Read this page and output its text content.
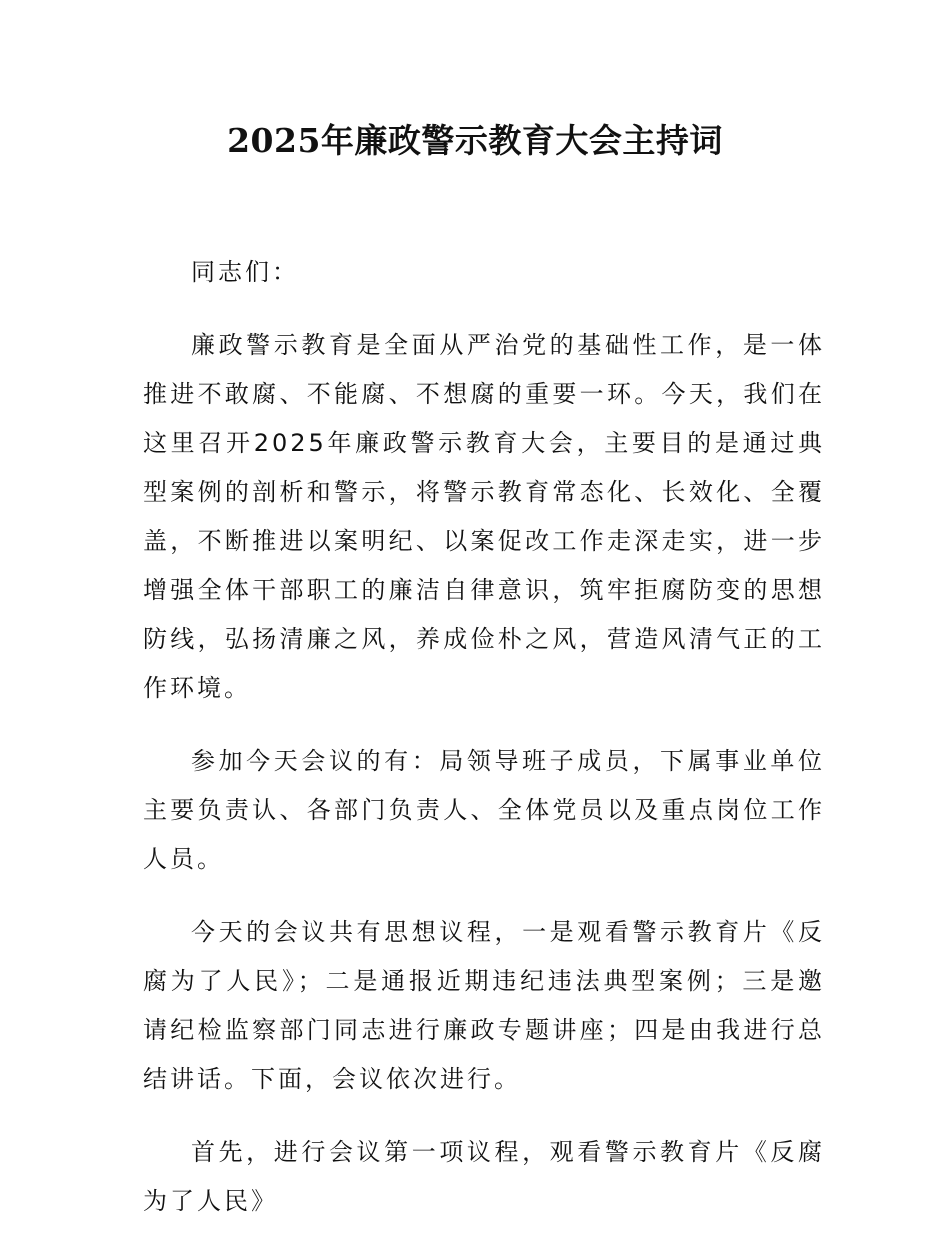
2025年廉政警示教育大会主持词

同志们：

廉政警示教育是全面从严治党的基础性工作，是一体推进不敢腐、不能腐、不想腐的重要一环。今天，我们在这里召开2025年廉政警示教育大会，主要目的是通过典型案例的剖析和警示，将警示教育常态化、长效化、全覆盖，不断推进以案明纪、以案促改工作走深走实，进一步增强全体干部职工的廉洁自律意识，筑牢拒腐防变的思想防线，弘扬清廉之风，养成俭朴之风，营造风清气正的工作环境。

参加今天会议的有：局领导班子成员，下属事业单位主要负责认、各部门负责人、全体党员以及重点岗位工作人员。

今天的会议共有思想议程，一是观看警示教育片《反腐为了人民》；二是通报近期违纪违法典型案例；三是邀请纪检监察部门同志进行廉政专题讲座；四是由我进行总结讲话。下面，会议依次进行。

首先，进行会议第一项议程，观看警示教育片《反腐为了人民》
